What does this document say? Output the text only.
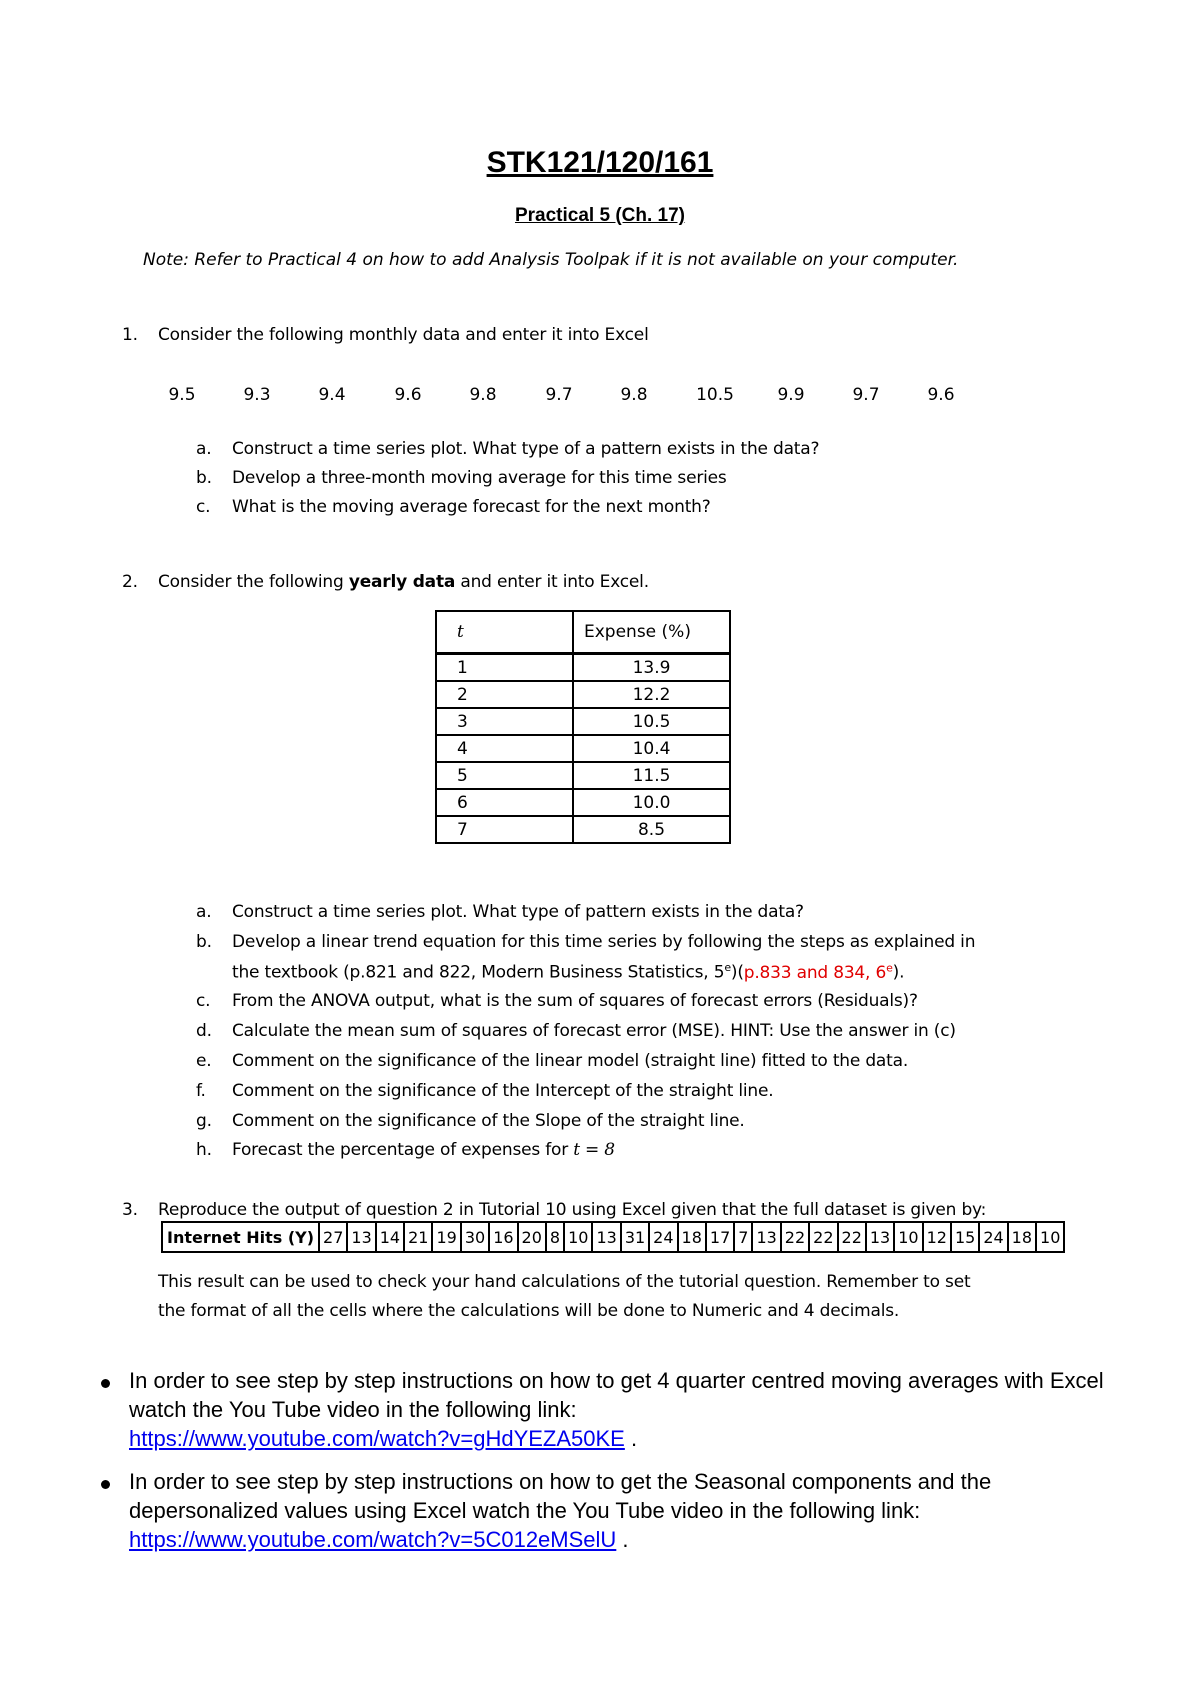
STK121/120/161
Practical 5 (Ch. 17)
Note: Refer to Practical 4 on how to add Analysis Toolpak if it is not available on your computer.
1. Consider the following monthly data and enter it into Excel
9.5	9.3	9.4	9.6	9.8	9.7	9.8	10.5	9.9	9.7	9.6
a. Construct a time series plot. What type of a pattern exists in the data?
b. Develop a three-month moving average for this time series
c. What is the moving average forecast for the next month?
2. Consider the following yearly data and enter it into Excel.
t	Expense (%)
1	13.9
2	12.2
3	10.5
4	10.4
5	11.5
6	10.0
7	8.5
a. Construct a time series plot. What type of pattern exists in the data?
b. Develop a linear trend equation for this time series by following the steps as explained in
the textbook (p.821 and 822, Modern Business Statistics, 5e)(p.833 and 834, 6e).
c. From the ANOVA output, what is the sum of squares of forecast errors (Residuals)?
d. Calculate the mean sum of squares of forecast error (MSE). HINT: Use the answer in (c)
e. Comment on the significance of the linear model (straight line) fitted to the data.
f. Comment on the significance of the Intercept of the straight line.
g. Comment on the significance of the Slope of the straight line.
h. Forecast the percentage of expenses for t = 8
3. Reproduce the output of question 2 in Tutorial 10 using Excel given that the full dataset is given by:
Internet Hits (Y)	27	13	14	21	19	30	16	20	8	10	13	31	24	18	17	7	13	22	22	22	13	10	12	15	24	18	10
This result can be used to check your hand calculations of the tutorial question. Remember to set
the format of all the cells where the calculations will be done to Numeric and 4 decimals.
In order to see step by step instructions on how to get 4 quarter centred moving averages with Excel watch the You Tube video in the following link:
https://www.youtube.com/watch?v=gHdYEZA50KE .
In order to see step by step instructions on how to get the Seasonal components and the depersonalized values using Excel watch the You Tube video in the following link:
https://www.youtube.com/watch?v=5C012eMSelU .
